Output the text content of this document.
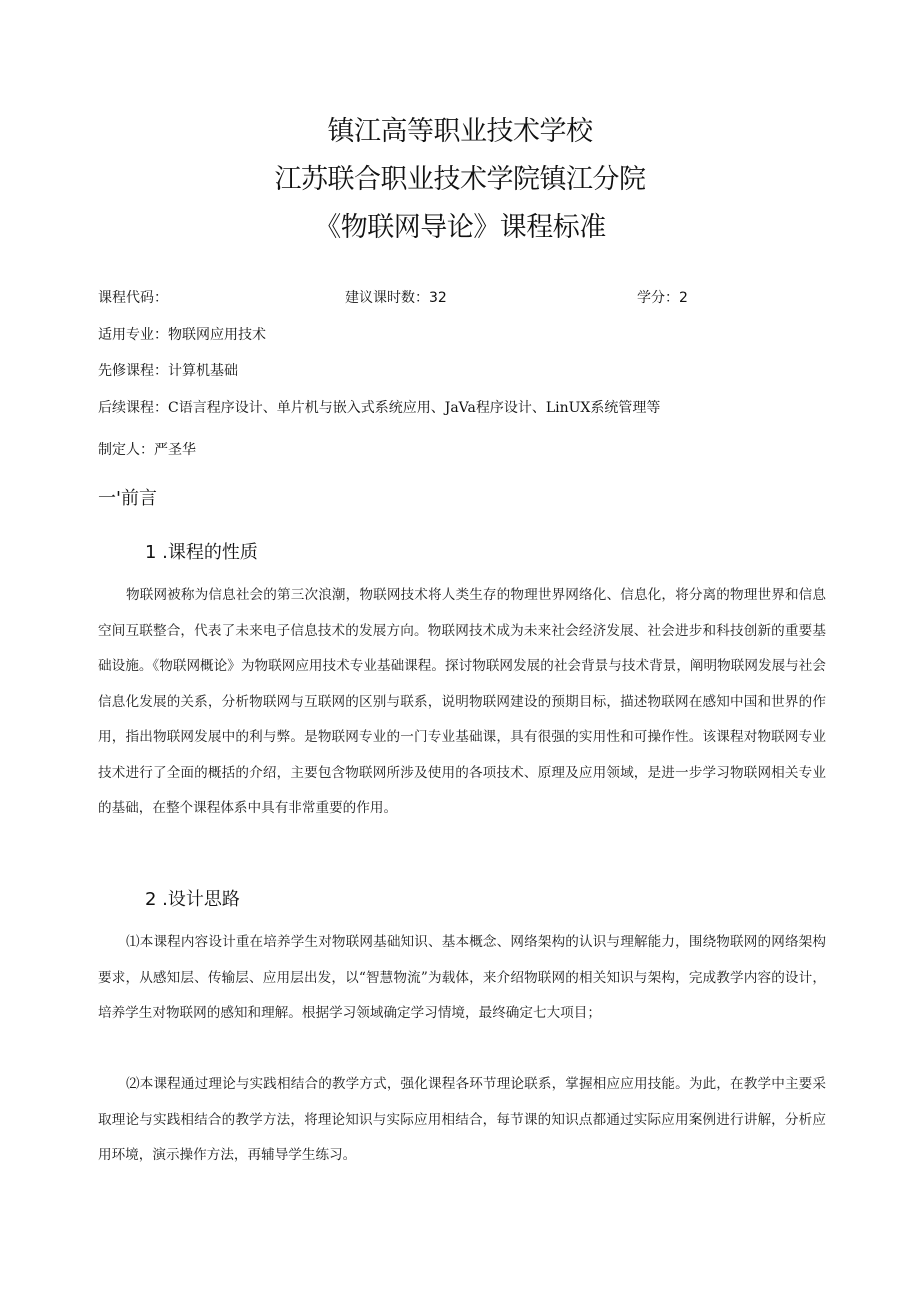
镇江高等职业技术学校
江苏联合职业技术学院镇江分院
《物联网导论》课程标准
课程代码：	建议课时数：32	学分：2
适用专业：物联网应用技术
先修课程：计算机基础
后续课程：C语言程序设计、单片机与嵌入式系统应用、JaVa程序设计、LinUX系统管理等
制定人：严圣华
一'前言
1 .课程的性质

物联网被称为信息社会的第三次浪潮，物联网技术将人类生存的物理世界网络化、信息化，将分离的物理世界和信息空间互联整合，代表了未来电子信息技术的发展方向。物联网技术成为未来社会经济发展、社会进步和科技创新的重要基础设施。《物联网概论》为物联网应用技术专业基础课程。探讨物联网发展的社会背景与技术背景，阐明物联网发展与社会信息化发展的关系，分析物联网与互联网的区别与联系，说明物联网建设的预期目标，描述物联网在感知中国和世界的作用，指出物联网发展中的利与弊。是物联网专业的一门专业基础课，具有很强的实用性和可操作性。该课程对物联网专业技术进行了全面的概括的介绍，主要包含物联网所涉及使用的各项技术、原理及应用领域，是进一步学习物联网相关专业的基础，在整个课程体系中具有非常重要的作用。

2 .设计思路

⑴本课程内容设计重在培养学生对物联网基础知识、基本概念、网络架构的认识与理解能力，围绕物联网的网络架构要求，从感知层、传输层、应用层出发，以“智慧物流”为载体，来介绍物联网的相关知识与架构，完成教学内容的设计，培养学生对物联网的感知和理解。根据学习领域确定学习情境，最终确定七大项目；

⑵本课程通过理论与实践相结合的教学方式，强化课程各环节理论联系，掌握相应应用技能。为此，在教学中主要采取理论与实践相结合的教学方法，将理论知识与实际应用相结合，每节课的知识点都通过实际应用案例进行讲解，分析应用环境，演示操作方法，再辅导学生练习。
